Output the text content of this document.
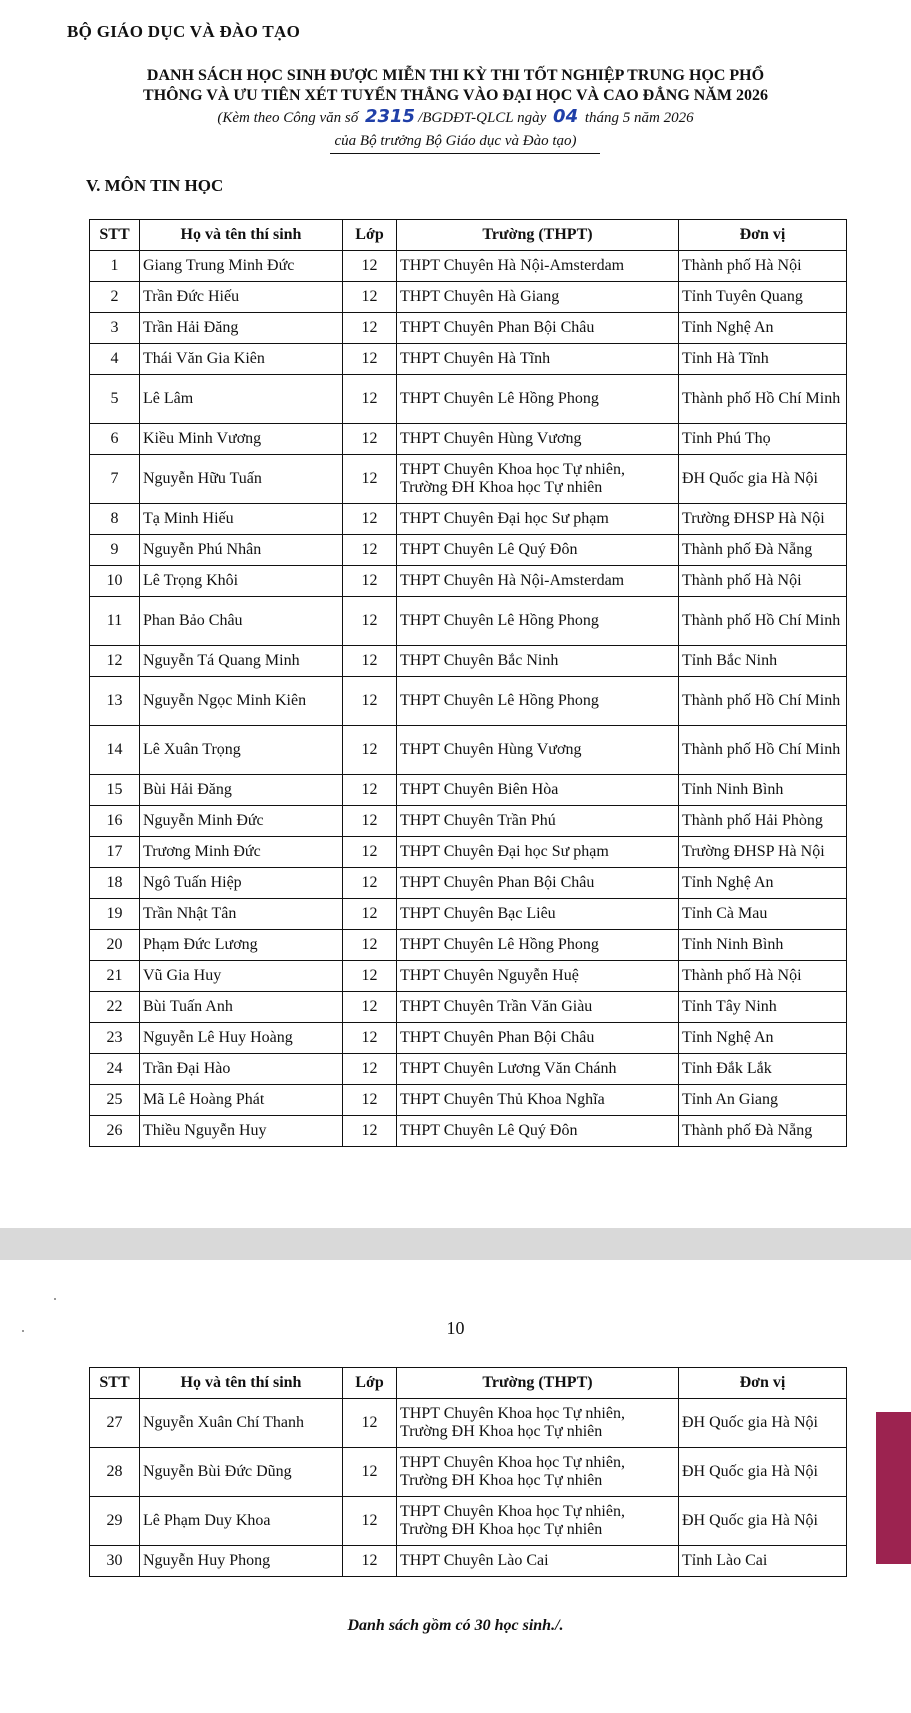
BỘ GIÁO DỤC VÀ ĐÀO TẠO
DANH SÁCH HỌC SINH ĐƯỢC MIỄN THI KỲ THI TỐT NGHIỆP TRUNG HỌC PHỔ
THÔNG VÀ ƯU TIÊN XÉT TUYỂN THẲNG VÀO ĐẠI HỌC VÀ CAO ĐẲNG NĂM 2026
(Kèm theo Công văn số 2315 /BGDĐT-QLCL ngày 04 tháng 5 năm 2026
của Bộ trưởng Bộ Giáo dục và Đào tạo)
V. MÔN TIN HỌC
STT	Họ và tên thí sinh	Lớp	Trường (THPT)	Đơn vị
1	Giang Trung Minh Đức	12	THPT Chuyên Hà Nội-Amsterdam	Thành phố Hà Nội
2	Trần Đức Hiếu	12	THPT Chuyên Hà Giang	Tỉnh Tuyên Quang
3	Trần Hải Đăng	12	THPT Chuyên Phan Bội Châu	Tỉnh Nghệ An
4	Thái Văn Gia Kiên	12	THPT Chuyên Hà Tĩnh	Tỉnh Hà Tĩnh
5	Lê Lâm	12	THPT Chuyên Lê Hồng Phong	Thành phố Hồ Chí Minh
6	Kiều Minh Vương	12	THPT Chuyên Hùng Vương	Tỉnh Phú Thọ
7	Nguyễn Hữu Tuấn	12	THPT Chuyên Khoa học Tự nhiên, Trường ĐH Khoa học Tự nhiên	ĐH Quốc gia Hà Nội
8	Tạ Minh Hiếu	12	THPT Chuyên Đại học Sư phạm	Trường ĐHSP Hà Nội
9	Nguyễn Phú Nhân	12	THPT Chuyên Lê Quý Đôn	Thành phố Đà Nẵng
10	Lê Trọng Khôi	12	THPT Chuyên Hà Nội-Amsterdam	Thành phố Hà Nội
11	Phan Bảo Châu	12	THPT Chuyên Lê Hồng Phong	Thành phố Hồ Chí Minh
12	Nguyễn Tá Quang Minh	12	THPT Chuyên Bắc Ninh	Tỉnh Bắc Ninh
13	Nguyễn Ngọc Minh Kiên	12	THPT Chuyên Lê Hồng Phong	Thành phố Hồ Chí Minh
14	Lê Xuân Trọng	12	THPT Chuyên Hùng Vương	Thành phố Hồ Chí Minh
15	Bùi Hải Đăng	12	THPT Chuyên Biên Hòa	Tỉnh Ninh Bình
16	Nguyễn Minh Đức	12	THPT Chuyên Trần Phú	Thành phố Hải Phòng
17	Trương Minh Đức	12	THPT Chuyên Đại học Sư phạm	Trường ĐHSP Hà Nội
18	Ngô Tuấn Hiệp	12	THPT Chuyên Phan Bội Châu	Tỉnh Nghệ An
19	Trần Nhật Tân	12	THPT Chuyên Bạc Liêu	Tỉnh Cà Mau
20	Phạm Đức Lương	12	THPT Chuyên Lê Hồng Phong	Tỉnh Ninh Bình
21	Vũ Gia Huy	12	THPT Chuyên Nguyễn Huệ	Thành phố Hà Nội
22	Bùi Tuấn Anh	12	THPT Chuyên Trần Văn Giàu	Tỉnh Tây Ninh
23	Nguyễn Lê Huy Hoàng	12	THPT Chuyên Phan Bội Châu	Tỉnh Nghệ An
24	Trần Đại Hào	12	THPT Chuyên Lương Văn Chánh	Tỉnh Đắk Lắk
25	Mã Lê Hoàng Phát	12	THPT Chuyên Thủ Khoa Nghĩa	Tỉnh An Giang
26	Thiều Nguyễn Huy	12	THPT Chuyên Lê Quý Đôn	Thành phố Đà Nẵng
10
STT	Họ và tên thí sinh	Lớp	Trường (THPT)	Đơn vị
27	Nguyễn Xuân Chí Thanh	12	THPT Chuyên Khoa học Tự nhiên, Trường ĐH Khoa học Tự nhiên	ĐH Quốc gia Hà Nội
28	Nguyễn Bùi Đức Dũng	12	THPT Chuyên Khoa học Tự nhiên, Trường ĐH Khoa học Tự nhiên	ĐH Quốc gia Hà Nội
29	Lê Phạm Duy Khoa	12	THPT Chuyên Khoa học Tự nhiên, Trường ĐH Khoa học Tự nhiên	ĐH Quốc gia Hà Nội
30	Nguyễn Huy Phong	12	THPT Chuyên Lào Cai	Tỉnh Lào Cai
Danh sách gồm có 30 học sinh./.
